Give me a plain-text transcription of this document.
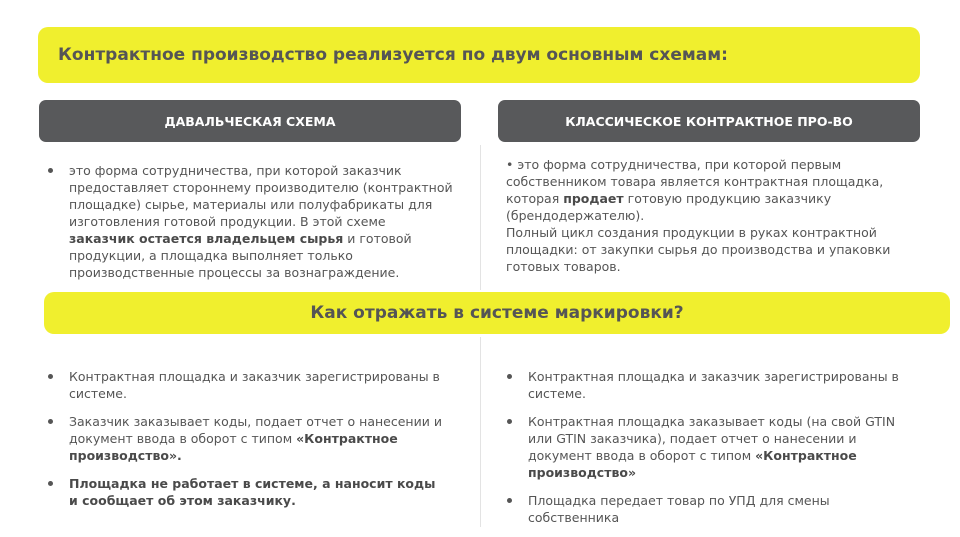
Контрактное производство реализуется по двум основным схемам:
ДАВАЛЬЧЕСКАЯ СХЕМА	КЛАССИЧЕСКОЕ КОНТРАКТНОЕ ПРО-ВО
это форма сотрудничества, при которой заказчик предоставляет стороннему производителю (контрактной площадке) сырье, материалы или полуфабрикаты для изготовления готовой продукции. В этой схеме заказчик остается владельцем сырья и готовой продукции, а площадка выполняет только производственные процессы за вознаграждение.
• это форма сотрудничества, при которой первым собственником товара является контрактная площадка, которая продает готовую продукцию заказчику (брендодержателю).
Полный цикл создания продукции в руках контрактной площадки: от закупки сырья до производства и упаковки готовых товаров.
Как отражать в системе маркировки?
Контрактная площадка и заказчик зарегистрированы в системе.
Заказчик заказывает коды, подает отчет о нанесении и документ ввода в оборот с типом «Контрактное производство».
Площадка не работает в системе, а наносит коды и сообщает об этом заказчику.
Контрактная площадка и заказчик зарегистрированы в системе.
Контрактная площадка заказывает коды (на свой GTIN или GTIN заказчика), подает отчет о нанесении и документ ввода в оборот с типом «Контрактное производство»
Площадка передает товар по УПД для смены собственника
